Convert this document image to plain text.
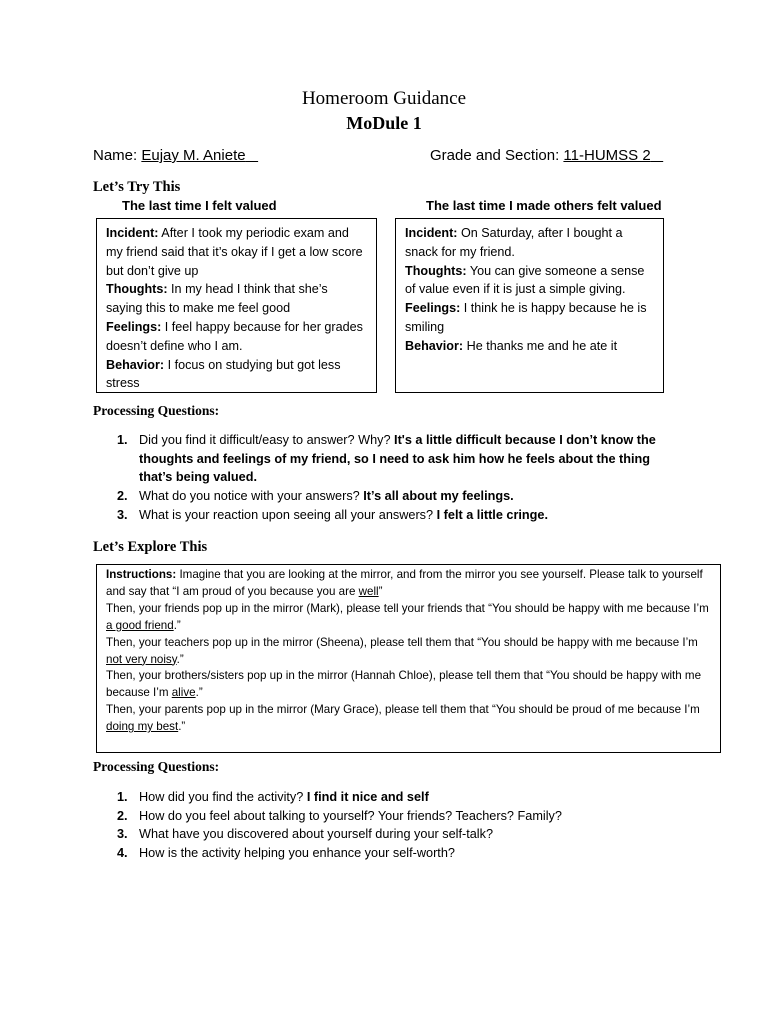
Homeroom Guidance
MoDule 1
Name: Eujay M. Aniete	Grade and Section: 11-HUMSS 2
Let’s Try This
The last time I felt valued	The last time I made others felt valued
Incident: After I took my periodic exam and my friend said that it’s okay if I get a low score but don’t give up
Thoughts: In my head I think that she’s saying this to make me feel good
Feelings: I feel happy because for her grades doesn’t define who I am.
Behavior: I focus on studying but got less stress
Incident: On Saturday, after I bought a snack for my friend.
Thoughts: You can give someone a sense of value even if it is just a simple giving.
Feelings: I think he is happy because he is smiling
Behavior: He thanks me and he ate it
Processing Questions:
1. Did you find it difficult/easy to answer? Why? It's a little difficult because I don’t know the thoughts and feelings of my friend, so I need to ask him how he feels about the thing that’s being valued.
2. What do you notice with your answers? It’s all about my feelings.
3. What is your reaction upon seeing all your answers? I felt a little cringe.
Let’s Explore This

Instructions: Imagine that you are looking at the mirror, and from the mirror you see yourself. Please talk to yourself and say that “I am proud of you because you are well”

Then, your friends pop up in the mirror (Mark), please tell your friends that “You should be happy with me because I’m a good friend.”

Then, your teachers pop up in the mirror (Sheena), please tell them that “You should be happy with me because I’m not very noisy.”

Then, your brothers/sisters pop up in the mirror (Hannah Chloe), please tell them that “You should be happy with me because I’m alive.”

Then, your parents pop up in the mirror (Mary Grace), please tell them that “You should be proud of me because I’m doing my best.”

Processing Questions:
1. How did you find the activity? I find it nice and self
2. How do you feel about talking to yourself? Your friends? Teachers? Family?
3. What have you discovered about yourself during your self-talk?
4. How is the activity helping you enhance your self-worth?
